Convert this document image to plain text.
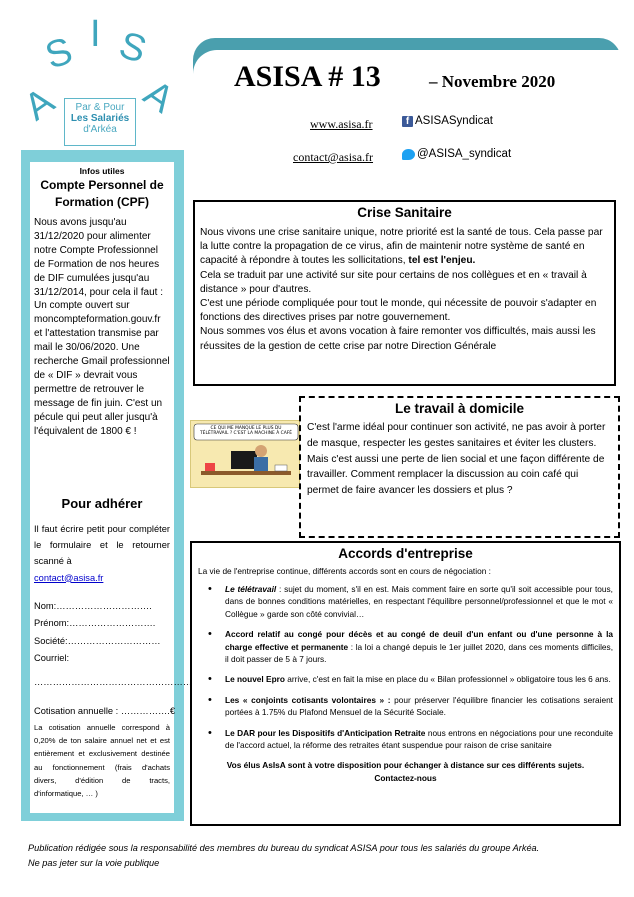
A
S I S
A
Par & Pour
Les Salariés
d'Arkéa
ASISA # 13	– Novembre 2020
www.asisa.fr	f ASISASyndicat
contact@asisa.fr	@ASISA_syndicat
Infos utiles
Compte Personnel de Formation (CPF)
Nous avons jusqu'au 31/12/2020 pour alimenter notre Compte Professionnel de Formation de nos heures de DIF cumulées jusqu'au 31/12/2014, pour cela il faut : Un compte ouvert sur moncompteformation.gouv.fr et l'attestation transmise par mail le 30/06/2020. Une recherche Gmail professionnel de « DIF » devrait vous permettre de retrouver le message de fin juin. C'est un pécule qui peut aller jusqu'à l'équivalent de 1800 € !
Pour adhérer
Il faut écrire petit pour compléter le formulaire et le retourner scanné à
contact@asisa.fr
Nom:………………………….
Prénom:……………………….
Société:…………………………
Courriel:
……………………………………………
Cotisation annuelle : …………….€
La cotisation annuelle correspond à 0,20% de ton salaire annuel net et est entièrement et exclusivement destinée au fonctionnement (frais d'achats divers, d'édition de tracts, d'informatique, … )
Crise Sanitaire
Nous vivons une crise sanitaire unique, notre priorité est la santé de tous. Cela passe par la lutte contre la propagation de ce virus, afin de maintenir notre système de santé en capacité à répondre à toutes les sollicitations, tel est l'enjeu.
Cela se traduit par une activité sur site pour certains de nos collègues et en « travail à distance » pour d'autres.
C'est une période compliquée pour tout le monde, qui nécessite de pouvoir s'adapter en fonctions des directives prises par notre gouvernement.
Nous sommes vos élus et avons vocation à faire remonter vos difficultés, mais aussi les réussites de la gestion de cette crise par notre Direction Générale
CE QUI ME MANQUE LE PLUS DU TÉLÉTRAVAIL ? C'EST LA MACHINE À CAFÉ
Le travail à domicile
C'est l'arme idéal pour continuer son activité, ne pas avoir à porter de masque, respecter les gestes sanitaires et éviter les clusters.
Mais c'est aussi une perte de lien social et une façon différente de travailler. Comment remplacer la discussion au coin café qui permet de faire avancer les dossiers et plus ?
Accords d'entreprise
La vie de l'entreprise continue, différents accords sont en cours de négociation :
• Le télétravail : sujet du moment, s'il en est. Mais comment faire en sorte qu'il soit accessible pour tous, dans de bonnes conditions matérielles, en respectant l'équilibre personnel/professionnel et que le mot « Collègue » garde son côté convivial…
• Accord relatif au congé pour décès et au congé de deuil d'un enfant ou d'une personne à la charge effective et permanente : la loi a changé depuis le 1er juillet 2020, dans ces moments difficiles, il doit passer de 5 à 7 jours.
• Le nouvel Epro arrive, c'est en fait la mise en place du « Bilan professionnel » obligatoire tous les 6 ans.
• Les « conjoints cotisants volontaires » : pour préserver l'équilibre financier les cotisations seraient portées à 1.75% du Plafond Mensuel de la Sécurité Sociale.
• Le DAR pour les Dispositifs d'Anticipation Retraite nous entrons en négociations pour une reconduite de l'accord actuel, la réforme des retraites étant suspendue pour raison de crise sanitaire
Vos élus AsIsA sont à votre disposition pour échanger à distance sur ces différents sujets.
Contactez-nous
Publication rédigée sous la responsabilité des membres du bureau du syndicat ASISA pour tous les salariés du groupe Arkéa.
Ne pas jeter sur la voie publique
